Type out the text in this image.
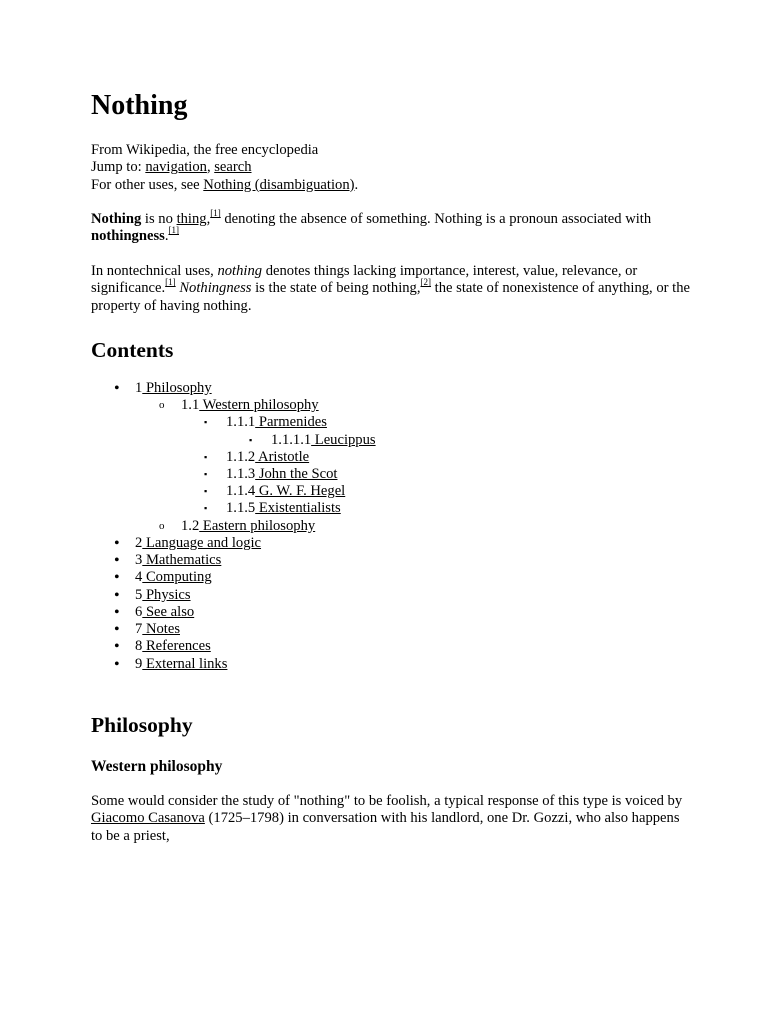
Nothing
From Wikipedia, the free encyclopedia
Jump to: navigation, search
For other uses, see Nothing (disambiguation).

Nothing is no thing,[1] denoting the absence of something. Nothing is a pronoun associated with nothingness.[1]

In nontechnical uses, nothing denotes things lacking importance, interest, value, relevance, or significance.[1] Nothingness is the state of being nothing,[2] the state of nonexistence of anything, or the property of having nothing.

Contents
•
1 Philosophy
o 1.1 Western philosophy
▪ 1.1.1 Parmenides
▪ 1.1.1.1 Leucippus
▪ 1.1.2 Aristotle
▪ 1.1.3 John the Scot
▪ 1.1.4 G. W. F. Hegel
▪ 1.1.5 Existentialists
o 1.2 Eastern philosophy
•
2 Language and logic
•
3 Mathematics
•
4 Computing
•
5 Physics
•
6 See also
•
7 Notes
•
8 References
•
9 External links
Philosophy
Western philosophy

Some would consider the study of "nothing" to be foolish, a typical response of this type is voiced by Giacomo Casanova (1725–1798) in conversation with his landlord, one Dr. Gozzi, who also happens to be a priest,
